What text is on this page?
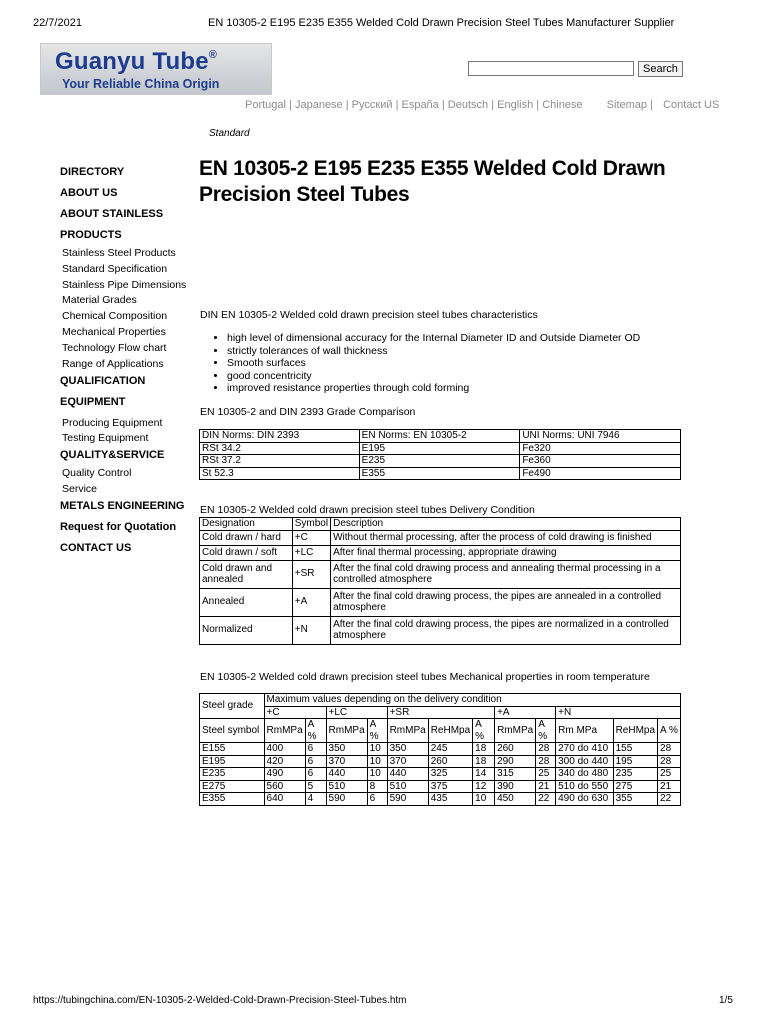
22/7/2021	EN 10305-2 E195 E235 E355 Welded Cold Drawn Precision Steel Tubes Manufacturer Supplier
Guanyu Tube®
Your Reliable China Origin
Search
Portugal | Japanese | Русский | España | Deutsch | English | Chinese Sitemap | Contact US
Standard
DIRECTORY
ABOUT US
ABOUT STAINLESS
PRODUCTS
Stainless Steel Products
Standard Specification
Stainless Pipe Dimensions
Material Grades
Chemical Composition
Mechanical Properties
Technology Flow chart
Range of Applications
QUALIFICATION
EQUIPMENT
Producing Equipment
Testing Equipment
QUALITY&SERVICE
Quality Control
Service
METALS ENGINEERING
Request for Quotation
CONTACT US
EN 10305-2 E195 E235 E355 Welded Cold Drawn Precision Steel Tubes
DIN EN 10305-2 Welded cold drawn precision steel tubes characteristics
• high level of dimensional accuracy for the Internal Diameter ID and Outside Diameter OD
• strictly tolerances of wall thickness
• Smooth surfaces
• good concentricity
• improved resistance properties through cold forming
EN 10305-2 and DIN 2393 Grade Comparison
DIN Norms: DIN 2393	EN Norms: EN 10305-2	UNI Norms: UNI 7946
RSt 34.2	E195	Fe320
RSt 37.2	E235	Fe360
St 52.3	E355	Fe490
EN 10305-2 Welded cold drawn precision steel tubes Delivery Condition
Designation	Symbol	Description
Cold drawn / hard	+C	Without thermal processing, after the process of cold drawing is finished
Cold drawn / soft	+LC	After final thermal processing, appropriate drawing
Cold drawn and annealed	+SR	After the final cold drawing process and annealing thermal processing in a controlled atmosphere
Annealed	+A	After the final cold drawing process, the pipes are annealed in a controlled atmosphere
Normalized	+N	After the final cold drawing process, the pipes are normalized in a controlled atmosphere
EN 10305-2 Welded cold drawn precision steel tubes Mechanical properties in room temperature
Steel grade	Maximum values depending on the delivery condition											
	+C		+LC		+SR			+A		+N		
Steel symbol	RmMPa	A %	RmMPa	A %	RmMPa	ReHMpa	A %	RmMPa	A %	Rm MPa	ReHMpa	A %
E155	400	6	350	10	350	245	18	260	28	270 do 410	155	28
E195	420	6	370	10	370	260	18	290	28	300 do 440	195	28
E235	490	6	440	10	440	325	14	315	25	340 do 480	235	25
E275	560	5	510	8	510	375	12	390	21	510 do 550	275	21
E355	640	4	590	6	590	435	10	450	22	490 do 630	355	22
https://tubingchina.com/EN-10305-2-Welded-Cold-Drawn-Precision-Steel-Tubes.htm	1/5
